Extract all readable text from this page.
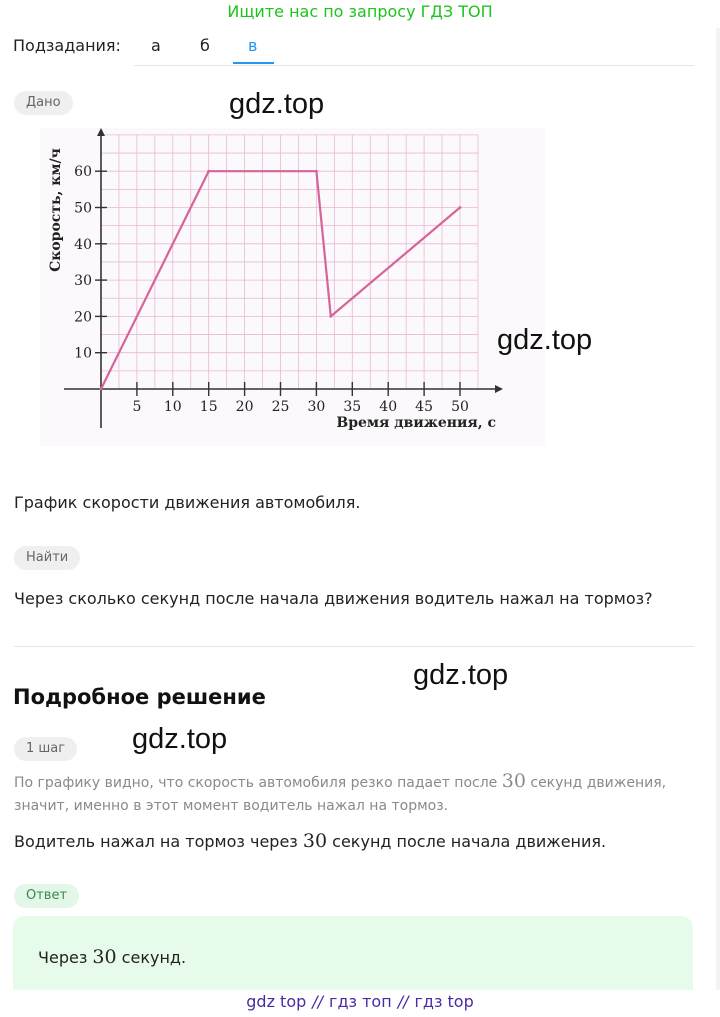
Ищите нас по запросу ГДЗ ТОП
Подзадания: а б в
Дано	gdz.top
5 10 15 20 25 30 35 40 45 50
10
20
30
40
50
60
Время движения, с
Скорость, км/ч
gdz.top
График скорости движения автомобиля.
Найти
Через сколько секунд после начала движения водитель нажал на тормоз?
gdz.top
Подробное решение
1 шаг	gdz.top
По графику видно, что скорость автомобиля резко падает после 30 секунд движения,
значит, именно в этот момент водитель нажал на тормоз.
Водитель нажал на тормоз через 30 секунд после начала движения.
Ответ
Через 30 секунд.
gdz top // гдз топ // гдз top
